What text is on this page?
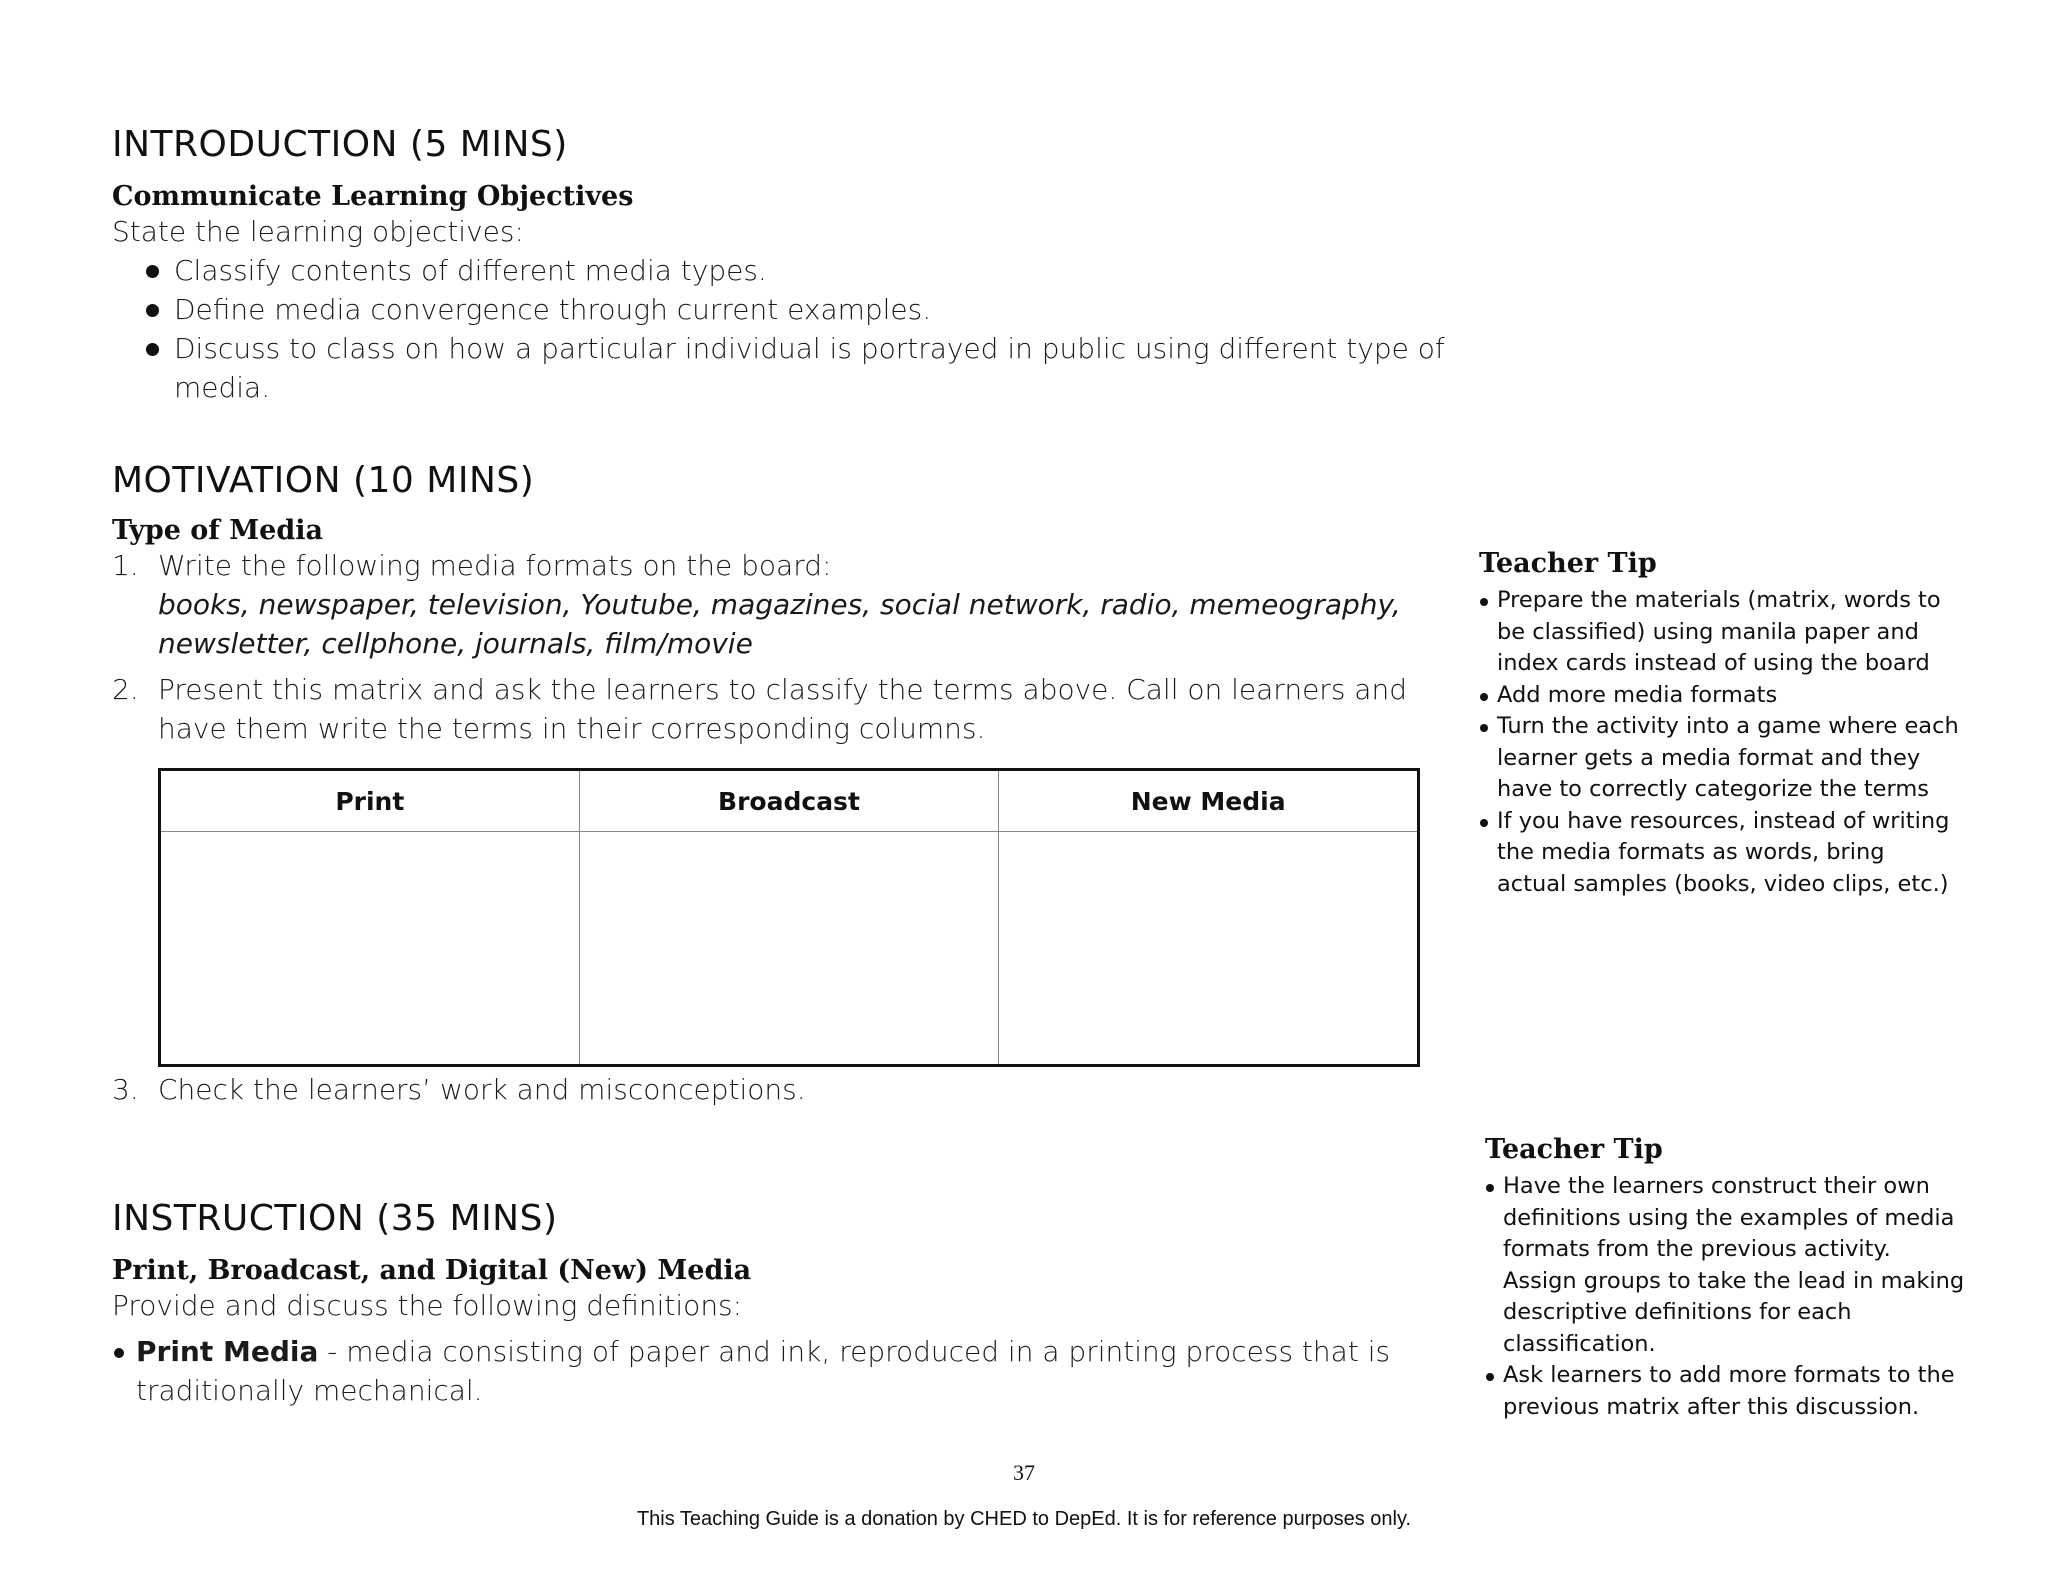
INTRODUCTION (5 MINS)
Communicate Learning Objectives
State the learning objectives:
Classify contents of different media types.
Define media convergence through current examples.
Discuss to class on how a particular individual is portrayed in public using different type of media.
MOTIVATION (10 MINS)
Type of Media
1. Write the following media formats on the board:
books, newspaper, television, Youtube, magazines, social network, radio, memeography, newsletter, cellphone, journals, film/movie
2. Present this matrix and ask the learners to classify the terms above. Call on learners and have them write the terms in their corresponding columns.
Print	Broadcast	New Media

3. Check the learners’ work and misconceptions.
INSTRUCTION (35 MINS)
Print, Broadcast, and Digital (New) Media
Provide and discuss the following definitions:
Print Media - media consisting of paper and ink, reproduced in a printing process that is traditionally mechanical.
Teacher Tip
Prepare the materials (matrix, words to be classified) using manila paper and index cards instead of using the board
Add more media formats
Turn the activity into a game where each learner gets a media format and they have to correctly categorize the terms
If you have resources, instead of writing the media formats as words, bring actual samples (books, video clips, etc.)
Teacher Tip
Have the learners construct their own definitions using the examples of media formats from the previous activity. Assign groups to take the lead in making descriptive definitions for each classification.
Ask learners to add more formats to the previous matrix after this discussion.
37
This Teaching Guide is a donation by CHED to DepEd. It is for reference purposes only.
